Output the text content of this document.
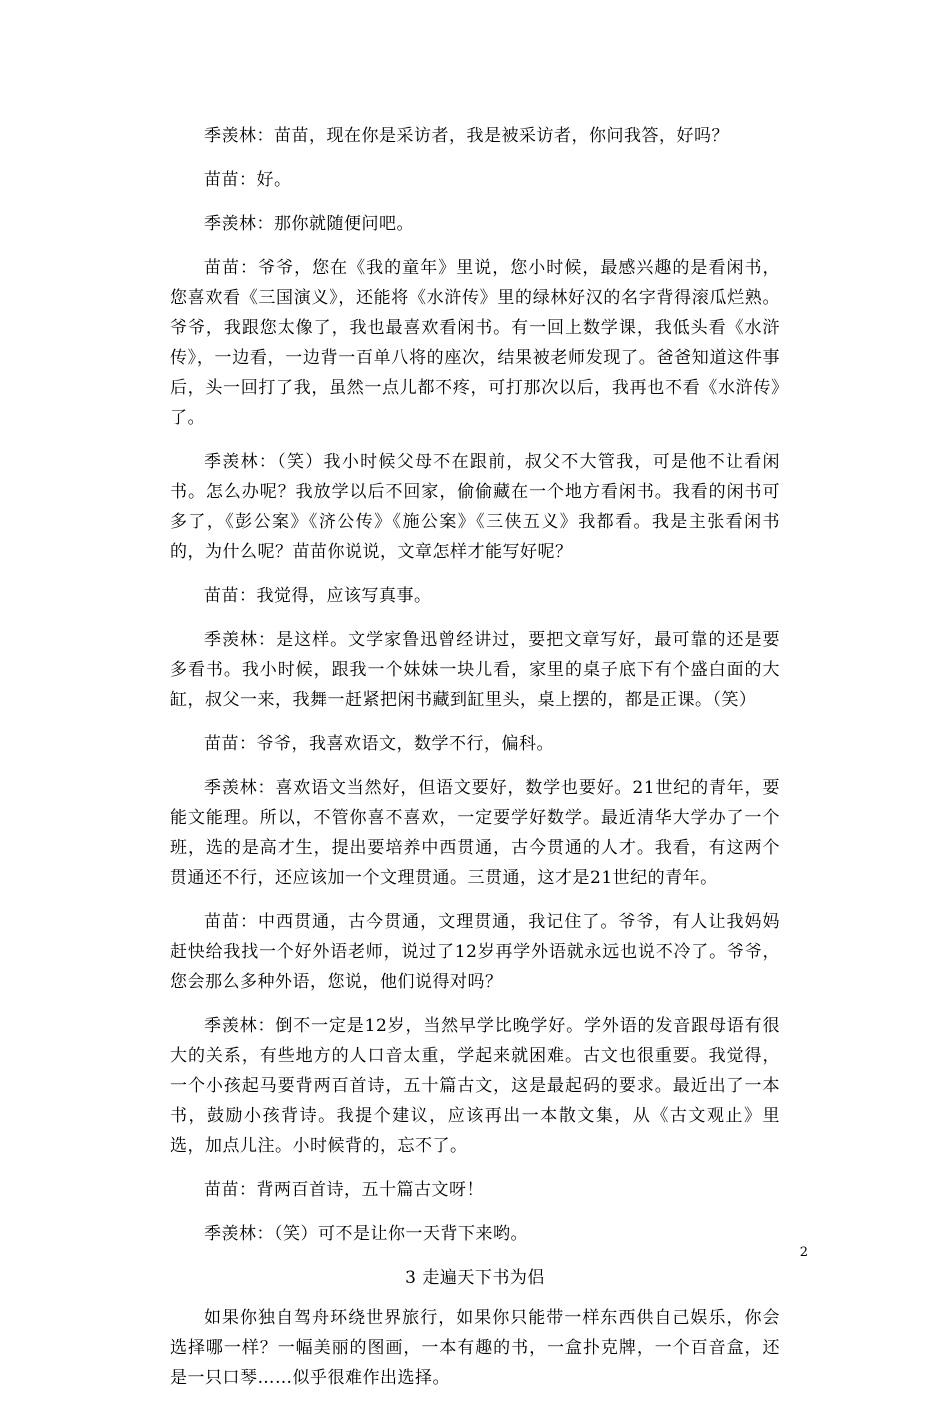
季羡林：苗苗，现在你是采访者，我是被采访者，你问我答，好吗？

苗苗：好。

季羡林：那你就随便问吧。

苗苗：爷爷，您在《我的童年》里说，您小时候，最感兴趣的是看闲书，您喜欢看《三国演义》，还能将《水浒传》里的绿林好汉的名字背得滚瓜烂熟。爷爷，我跟您太像了，我也最喜欢看闲书。有一回上数学课，我低头看《水浒传》，一边看，一边背一百单八将的座次，结果被老师发现了。爸爸知道这件事后，头一回打了我，虽然一点儿都不疼，可打那次以后，我再也不看《水浒传》了。

季羡林：（笑）我小时候父母不在跟前，叔父不大管我，可是他不让看闲书。怎么办呢？我放学以后不回家，偷偷藏在一个地方看闲书。我看的闲书可多了，《彭公案》《济公传》《施公案》《三侠五义》我都看。我是主张看闲书的，为什么呢？苗苗你说说，文章怎样才能写好呢？

苗苗：我觉得，应该写真事。

季羡林：是这样。文学家鲁迅曾经讲过，要把文章写好，最可靠的还是要多看书。我小时候，跟我一个妹妹一块儿看，家里的桌子底下有个盛白面的大缸，叔父一来，我舞一赶紧把闲书藏到缸里头，桌上摆的，都是正课。（笑）

苗苗：爷爷，我喜欢语文，数学不行，偏科。

季羡林：喜欢语文当然好，但语文要好，数学也要好。21世纪的青年，要能文能理。所以，不管你喜不喜欢，一定要学好数学。最近清华大学办了一个班，选的是高才生，提出要培养中西贯通，古今贯通的人才。我看，有这两个贯通还不行，还应该加一个文理贯通。三贯通，这才是21世纪的青年。

苗苗：中西贯通，古今贯通，文理贯通，我记住了。爷爷，有人让我妈妈赶快给我找一个好外语老师，说过了12岁再学外语就永远也说不冷了。爷爷，您会那么多种外语，您说，他们说得对吗？

季羡林：倒不一定是12岁，当然早学比晚学好。学外语的发音跟母语有很大的关系，有些地方的人口音太重，学起来就困难。古文也很重要。我觉得，一个小孩起马要背两百首诗，五十篇古文，这是最起码的要求。最近出了一本书，鼓励小孩背诗。我提个建议，应该再出一本散文集，从《古文观止》里选，加点儿注。小时候背的，忘不了。

苗苗：背两百首诗，五十篇古文呀！

季羡林：（笑）可不是让你一天背下来哟。

3 走遍天下书为侣

如果你独自驾舟环绕世界旅行，如果你只能带一样东西供自己娱乐，你会选择哪一样？一幅美丽的图画，一本有趣的书，一盒扑克牌，一个百音盒，还是一只口琴……似乎很难作出选择。

2
